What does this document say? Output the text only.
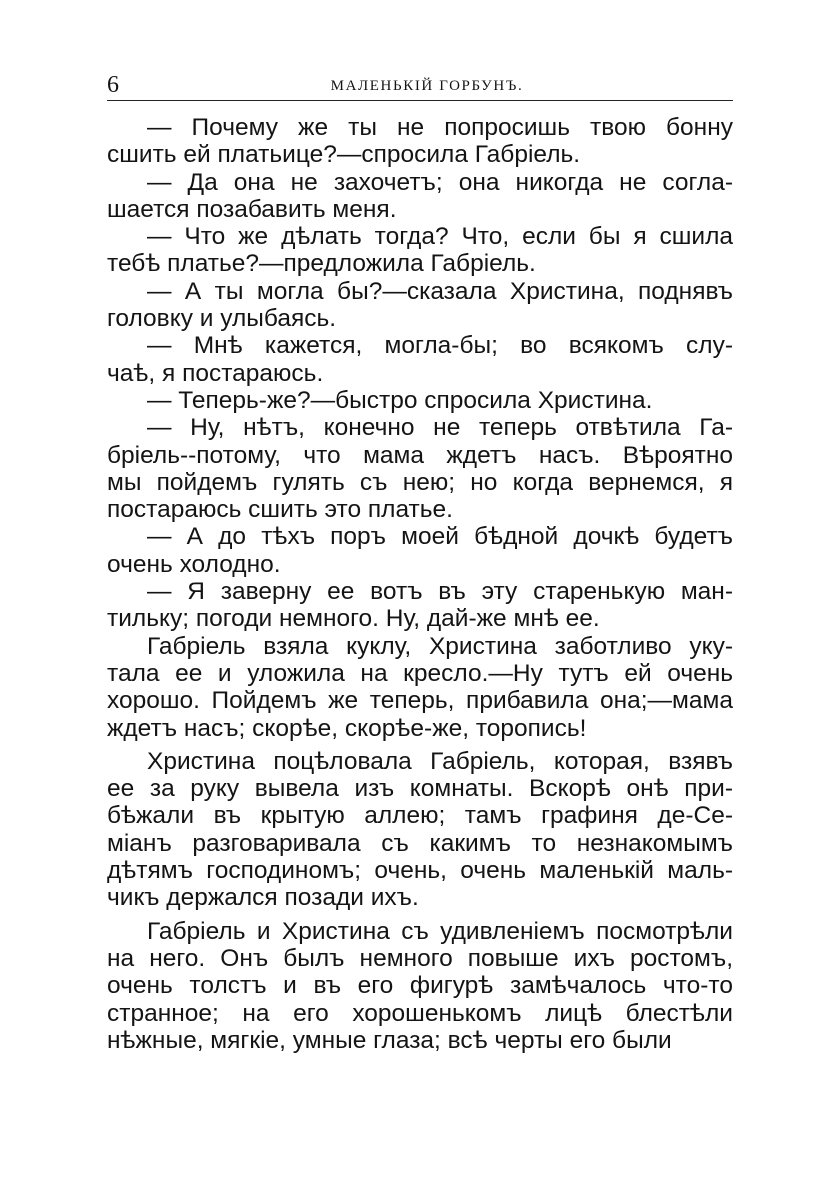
6	МАЛЕНЬКІЙ ГОРБУНЪ.
— Почему же ты не попросишь твою бонну
сшить ей платьице?—спросила Габріель.
— Да она не захочетъ; она никогда не согла-
шается позабавить меня.
— Что же дѣлать тогда? Что, если бы я сшила
тебѣ платье?—предложила Габріель.
— А ты могла бы?—сказала Христина, поднявъ
головку и улыбаясь.
— Мнѣ кажется, могла-бы; во всякомъ слу-
чаѣ, я постараюсь.
— Теперь-же?—быстро спросила Христина.
— Ну, нѣтъ, конечно не теперь отвѣтила Га-
бріель--потому, что мама ждетъ насъ. Вѣроятно
мы пойдемъ гулять съ нею; но когда вернемся, я
постараюсь сшить это платье.
— А до тѣхъ поръ моей бѣдной дочкѣ будетъ
очень холодно.
— Я заверну ее вотъ въ эту старенькую ман-
тильку; погоди немного. Ну, дай-же мнѣ ее.
Габріель взяла куклу, Христина заботливо уку-
тала ее и уложила на кресло.—Ну тутъ ей очень
хорошо. Пойдемъ же теперь, прибавила она;—мама
ждетъ насъ; скорѣе, скорѣе-же, торопись!
Христина поцѣловала Габріель, которая, взявъ
ее за руку вывела изъ комнаты. Вскорѣ онѣ при-
бѣжали въ крытую аллею; тамъ графиня де-Се-
міанъ разговаривала съ какимъ то незнакомымъ
дѣтямъ господиномъ; очень, очень маленькій маль-
чикъ держался позади ихъ.
Габріель и Христина съ удивленіемъ посмотрѣли
на него. Онъ былъ немного повыше ихъ ростомъ,
очень толстъ и въ его фигурѣ замѣчалось что-то
странное; на его хорошенькомъ лицѣ блестѣли
нѣжные, мягкіе, умные глаза; всѣ черты его были
